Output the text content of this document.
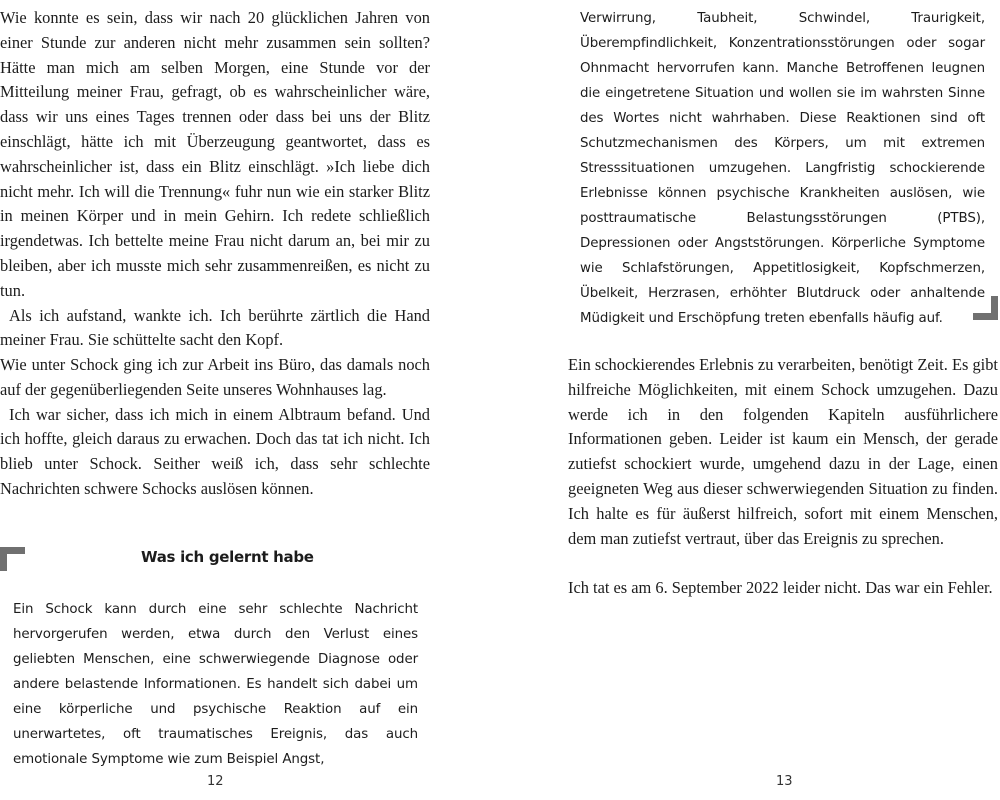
Wie konnte es sein, dass wir nach 20 glücklichen Jahren von einer Stunde zur anderen nicht mehr zusammen sein sollten? Hätte man mich am selben Morgen, eine Stunde vor der Mitteilung meiner Frau, gefragt, ob es wahrscheinlicher wäre, dass wir uns eines Tages trennen oder dass bei uns der Blitz einschlägt, hätte ich mit Überzeugung geantwortet, dass es wahrscheinlicher ist, dass ein Blitz einschlägt. »Ich liebe dich nicht mehr. Ich will die Trennung« fuhr nun wie ein starker Blitz in meinen Körper und in mein Gehirn. Ich redete schließlich irgendetwas. Ich bettelte meine Frau nicht darum an, bei mir zu bleiben, aber ich musste mich sehr zusammenreißen, es nicht zu tun.

Als ich aufstand, wankte ich. Ich berührte zärtlich die Hand meiner Frau. Sie schüttelte sacht den Kopf.

Wie unter Schock ging ich zur Arbeit ins Büro, das damals noch auf der gegenüberliegenden Seite unseres Wohnhauses lag.

Ich war sicher, dass ich mich in einem Albtraum befand. Und ich hoffte, gleich daraus zu erwachen. Doch das tat ich nicht. Ich blieb unter Schock. Seither weiß ich, dass sehr schlechte Nachrichten schwere Schocks auslösen können.

Was ich gelernt habe
Ein Schock kann durch eine sehr schlechte Nachricht hervorgerufen werden, etwa durch den Verlust eines geliebten Menschen, eine schwerwiegende Diagnose oder andere belastende Informationen. Es handelt sich dabei um eine körperliche und psychische Reaktion auf ein unerwartetes, oft traumatisches Ereignis, das auch emotionale Symptome wie zum Beispiel Angst,
12
Verwirrung, Taubheit, Schwindel, Traurigkeit, Überempfindlichkeit, Konzentrationsstörungen oder sogar Ohnmacht hervorrufen kann. Manche Betroffenen leugnen die eingetretene Situation und wollen sie im wahrsten Sinne des Wortes nicht wahrhaben. Diese Reaktionen sind oft Schutzmechanismen des Körpers, um mit extremen Stresssituationen umzugehen. Langfristig schockierende Erlebnisse können psychische Krankheiten auslösen, wie posttraumatische Belastungsstörungen (PTBS), Depressionen oder Angststörungen. Körperliche Symptome wie Schlafstörungen, Appetitlosigkeit, Kopfschmerzen, Übelkeit, Herzrasen, erhöhter Blutdruck oder anhaltende Müdigkeit und Erschöpfung treten ebenfalls häufig auf.

Ein schockierendes Erlebnis zu verarbeiten, benötigt Zeit. Es gibt hilfreiche Möglichkeiten, mit einem Schock umzugehen. Dazu werde ich in den folgenden Kapiteln ausführlichere Informationen geben. Leider ist kaum ein Mensch, der gerade zutiefst schockiert wurde, umgehend dazu in der Lage, einen geeigneten Weg aus dieser schwerwiegenden Situation zu finden. Ich halte es für äußerst hilfreich, sofort mit einem Menschen, dem man zutiefst vertraut, über das Ereignis zu sprechen.

Ich tat es am 6. September 2022 leider nicht. Das war ein Fehler.

13
